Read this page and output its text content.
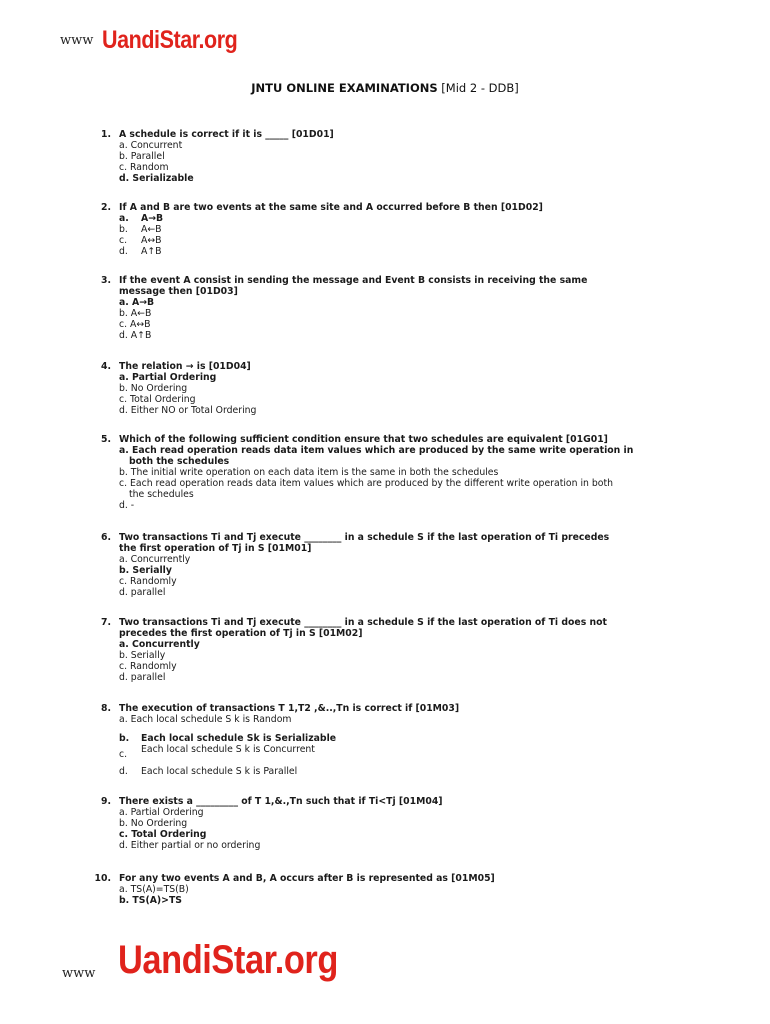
www UandiStar.org
JNTU ONLINE EXAMINATIONS [Mid 2 - DDB]
1. A schedule is correct if it is _____ [01D01]
a. Concurrent
b. Parallel
c. Random
d. Serializable
2. If A and B are two events at the same site and A occurred before B then [01D02]
a. A→B
b. A←B
c. A↔B
d. A↑B
3. If the event A consist in sending the message and Event B consists in receiving the same
message then [01D03]
a. A→B
b. A←B
c. A↔B
d. A↑B
4. The relation → is [01D04]
a. Partial Ordering
b. No Ordering
c. Total Ordering
d. Either NO or Total Ordering
5. Which of the following sufficient condition ensure that two schedules are equivalent [01G01]
a. Each read operation reads data item values which are produced by the same write operation in
both the schedules
b. The initial write operation on each data item is the same in both the schedules
c. Each read operation reads data item values which are produced by the different write operation in both
the schedules
d. -
6. Two transactions Ti and Tj execute ________ in a schedule S if the last operation of Ti precedes
the first operation of Tj in S [01M01]
a. Concurrently
b. Serially
c. Randomly
d. parallel
7. Two transactions Ti and Tj execute ________ in a schedule S if the last operation of Ti does not
precedes the first operation of Tj in S [01M02]
a. Concurrently
b. Serially
c. Randomly
d. parallel
8. The execution of transactions T 1,T2 ,&..,Tn is correct if [01M03]
a. Each local schedule S k is Random
b. Each local schedule Sk is Serializable
c. Each local schedule S k is Concurrent
d. Each local schedule S k is Parallel
9. There exists a _________ of T 1,&.,Tn such that if Ti<Tj [01M04]
a. Partial Ordering
b. No Ordering
c. Total Ordering
d. Either partial or no ordering
10. For any two events A and B, A occurs after B is represented as [01M05]
a. TS(A)=TS(B)
b. TS(A)>TS
www UandiStar.org
